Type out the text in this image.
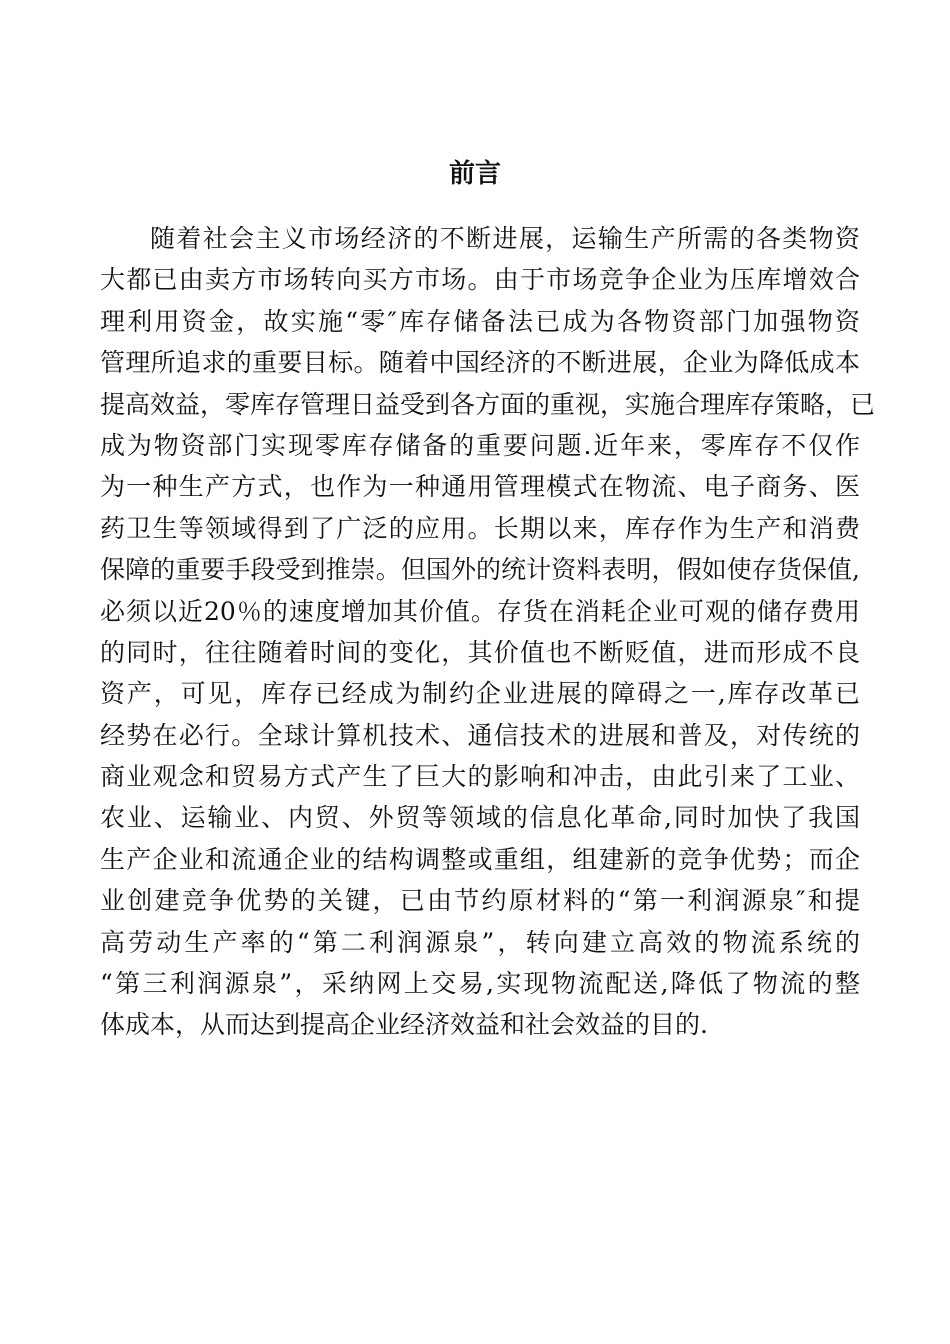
前言
随着社会主义市场经济的不断进展，运输生产所需的各类物资
大都已由卖方市场转向买方市场。由于市场竞争企业为压库增效合
理利用资金，故实施“零″库存储备法已成为各物资部门加强物资
管理所追求的重要目标。随着中国经济的不断进展，企业为降低成本
提高效益，零库存管理日益受到各方面的重视，实施合理库存策略，已
成为物资部门实现零库存储备的重要问题.近年来，零库存不仅作
为一种生产方式，也作为一种通用管理模式在物流、电子商务、医
药卫生等领域得到了广泛的应用。长期以来，库存作为生产和消费
保障的重要手段受到推崇。但国外的统计资料表明，假如使存货保值,
必须以近20％的速度增加其价值。存货在消耗企业可观的储存费用
的同时，往往随着时间的变化，其价值也不断贬值，进而形成不良
资产，可见，库存已经成为制约企业进展的障碍之一,库存改革已
经势在必行。全球计算机技术、通信技术的进展和普及，对传统的
商业观念和贸易方式产生了巨大的影响和冲击，由此引来了工业、
农业、运输业、内贸、外贸等领域的信息化革命,同时加快了我国
生产企业和流通企业的结构调整或重组，组建新的竞争优势；而企
业创建竞争优势的关键，已由节约原材料的“第一利润源泉″和提
高劳动生产率的“第二利润源泉”，转向建立高效的物流系统的
“第三利润源泉”，采纳网上交易,实现物流配送,降低了物流的整
体成本，从而达到提高企业经济效益和社会效益的目的.
